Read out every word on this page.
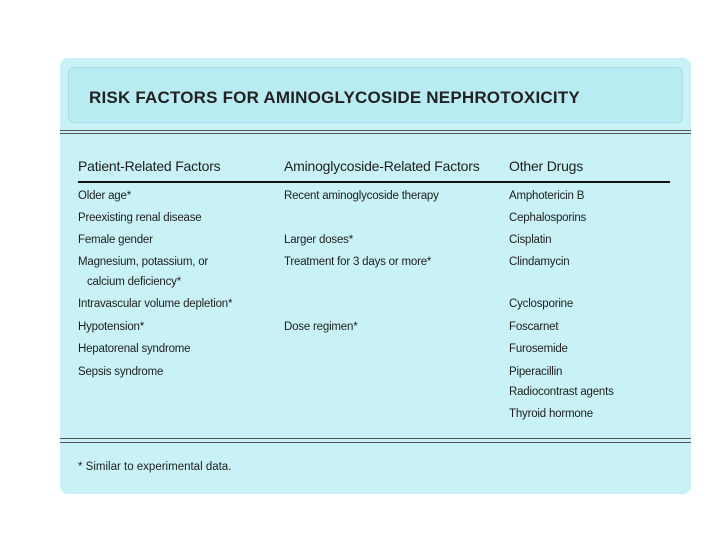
RISK FACTORS FOR AMINOGLYCOSIDE NEPHROTOXICITY
Patient-Related Factors	Aminoglycoside-Related Factors Other Drugs
Older age*
Preexisting renal disease
Female gender
Magnesium, potassium, or
calcium deficiency*
Intravascular volume depletion*
Hypotension*
Hepatorenal syndrome
Sepsis syndrome
Recent aminoglycoside therapy
Larger doses*
Treatment for 3 days or more*
Dose regimen*
Amphotericin B
Cephalosporins
Cisplatin
Clindamycin
Cyclosporine
Foscarnet
Furosemide
Piperacillin
Radiocontrast agents
Thyroid hormone
* Similar to experimental data.
